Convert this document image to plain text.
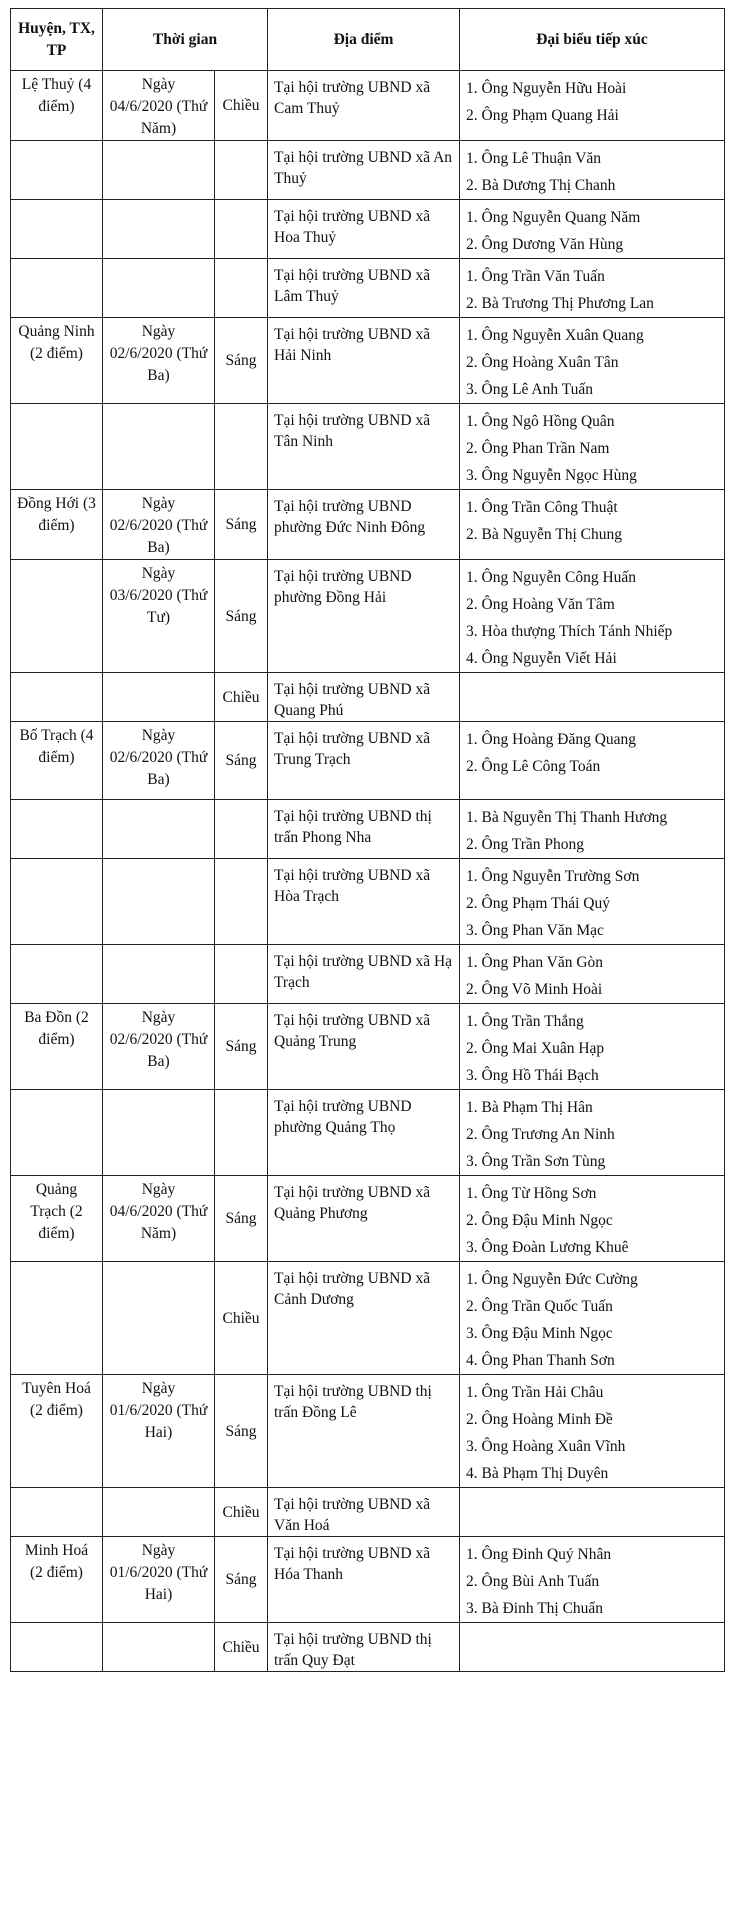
Huyện, TX, TP	Thời gian		Địa điểm	Đại biểu tiếp xúc
Lệ Thuỷ (4 điểm)	Ngày 04/6/2020 (Thứ Năm)	Chiều	Tại hội trường UBND xã Cam Thuỷ	1. Ông Nguyễn Hữu Hoài
2. Ông Phạm Quang Hải

			Tại hội trường UBND xã An Thuỷ	1. Ông Lê Thuận Văn
2. Bà Dương Thị Chanh

			Tại hội trường UBND xã Hoa Thuỷ	1. Ông Nguyễn Quang Năm
2. Ông Dương Văn Hùng

			Tại hội trường UBND xã Lâm Thuỷ	1. Ông Trần Văn Tuấn
2. Bà Trương Thị Phương Lan

Quảng Ninh (2 điểm)	Ngày 02/6/2020 (Thứ Ba)	Sáng	Tại hội trường UBND xã Hải Ninh	1. Ông Nguyễn Xuân Quang
2. Ông Hoàng Xuân Tân
3. Ông Lê Anh Tuấn

			Tại hội trường UBND xã Tân Ninh	1. Ông Ngô Hồng Quân
2. Ông Phan Trần Nam
3. Ông Nguyễn Ngọc Hùng

Đồng Hới (3 điểm)	Ngày 02/6/2020 (Thứ Ba)	Sáng	Tại hội trường UBND phường Đức Ninh Đông	1. Ông Trần Công Thuật
2. Bà Nguyễn Thị Chung

	Ngày 03/6/2020 (Thứ Tư)	Sáng	Tại hội trường UBND phường Đồng Hải	1. Ông Nguyễn Công Huấn
2. Ông Hoàng Văn Tâm
3. Hòa thượng Thích Tánh Nhiếp
4. Ông Nguyễn Viết Hải

		Chiều	Tại hội trường UBND xã Quang Phú	
Bố Trạch (4 điểm)	Ngày 02/6/2020 (Thứ Ba)	Sáng	Tại hội trường UBND xã Trung Trạch	1. Ông Hoàng Đăng Quang
2. Ông Lê Công Toán

			Tại hội trường UBND thị trấn Phong Nha	1. Bà Nguyễn Thị Thanh Hương
2. Ông Trần Phong

			Tại hội trường UBND xã Hòa Trạch	1. Ông Nguyễn Trường Sơn
2. Ông Phạm Thái Quý
3. Ông Phan Văn Mạc

			Tại hội trường UBND xã Hạ Trạch	1. Ông Phan Văn Gòn
2. Ông Võ Minh Hoài

Ba Đồn (2 điểm)	Ngày 02/6/2020 (Thứ Ba)	Sáng	Tại hội trường UBND xã Quảng Trung	1. Ông Trần Thắng
2. Ông Mai Xuân Hạp
3. Ông Hồ Thái Bạch

			Tại hội trường UBND phường Quảng Thọ	1. Bà Phạm Thị Hân
2. Ông Trương An Ninh
3. Ông Trần Sơn Tùng

Quảng Trạch (2 điểm)	Ngày 04/6/2020 (Thứ Năm)	Sáng	Tại hội trường UBND xã Quảng Phương	1. Ông Từ Hồng Sơn
2. Ông Đậu Minh Ngọc
3. Ông Đoàn Lương Khuê

		Chiều	Tại hội trường UBND xã Cảnh Dương	1. Ông Nguyễn Đức Cường
2. Ông Trần Quốc Tuấn
3. Ông Đậu Minh Ngọc
4. Ông Phan Thanh Sơn

Tuyên Hoá (2 điểm)	Ngày 01/6/2020 (Thứ Hai)	Sáng	Tại hội trường UBND thị trấn Đồng Lê	1. Ông Trần Hải Châu
2. Ông Hoàng Minh Đề
3. Ông Hoàng Xuân Vĩnh
4. Bà Phạm Thị Duyên

		Chiều	Tại hội trường UBND xã Văn Hoá	
Minh Hoá (2 điểm)	Ngày 01/6/2020 (Thứ Hai)	Sáng	Tại hội trường UBND xã Hóa Thanh	1. Ông Đinh Quý Nhân
2. Ông Bùi Anh Tuấn
3. Bà Đinh Thị Chuẩn

		Chiều	Tại hội trường UBND thị trấn Quy Đạt	
